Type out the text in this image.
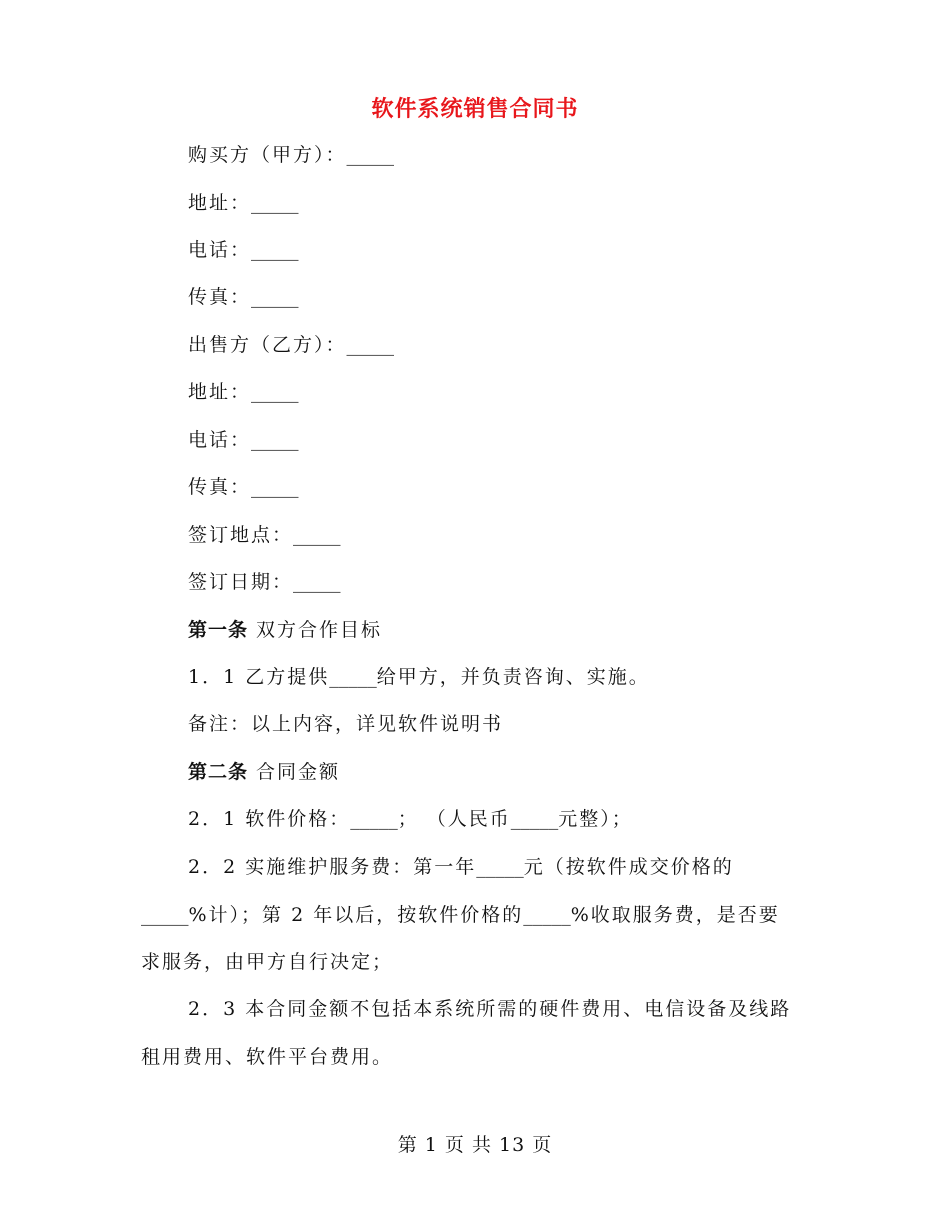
软件系统销售合同书
购买方（甲方）：_____
地址：_____
电话：_____
传真：_____
出售方（乙方）：_____
地址：_____
电话：_____
传真：_____
签订地点：_____
签订日期：_____
第一条 双方合作目标
1．1 乙方提供_____给甲方，并负责咨询、实施。
备注：以上内容，详见软件说明书
第二条 合同金额
2．1 软件价格：_____； （人民币_____元整）；
2．2 实施维护服务费：第一年_____元（按软件成交价格的
_____%计）；第 2 年以后，按软件价格的_____%收取服务费，是否要
求服务，由甲方自行决定；
2．3 本合同金额不包括本系统所需的硬件费用、电信设备及线路
租用费用、软件平台费用。
第 1 页 共 13 页
